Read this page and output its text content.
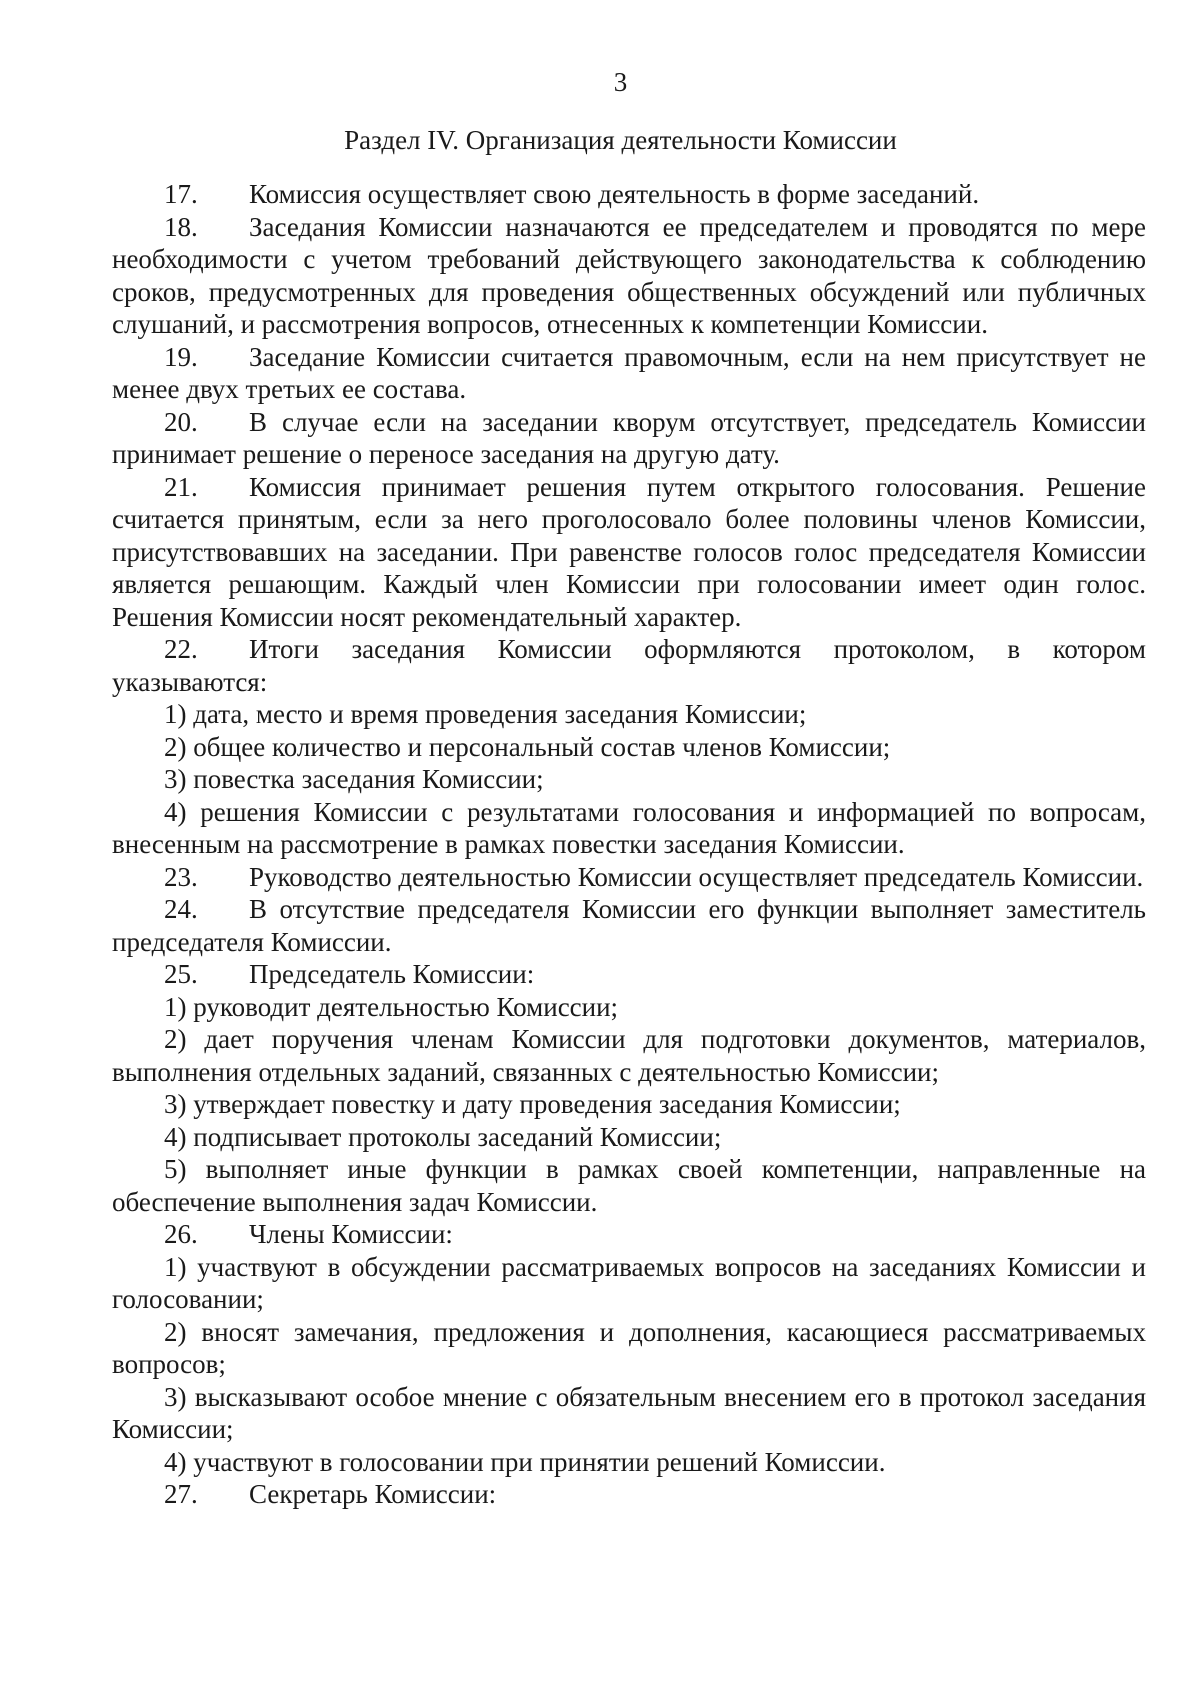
3
Раздел IV. Организация деятельности Комиссии
17. Комиссия осуществляет свою деятельность в форме заседаний.
18. Заседания Комиссии назначаются ее председателем и проводятся по мере необходимости с учетом требований действующего законодательства к соблюдению сроков, предусмотренных для проведения общественных обсуждений или публичных слушаний, и рассмотрения вопросов, отнесенных к компетенции Комиссии.
19. Заседание Комиссии считается правомочным, если на нем присутствует не менее двух третьих ее состава.
20. В случае если на заседании кворум отсутствует, председатель Комиссии принимает решение о переносе заседания на другую дату.
21. Комиссия принимает решения путем открытого голосования. Решение считается принятым, если за него проголосовало более половины членов Комиссии, присутствовавших на заседании. При равенстве голосов голос председателя Комиссии является решающим. Каждый член Комиссии при голосовании имеет один голос. Решения Комиссии носят рекомендательный характер.
22. Итоги заседания Комиссии оформляются протоколом, в котором указываются:
1) дата, место и время проведения заседания Комиссии;
2) общее количество и персональный состав членов Комиссии;
3) повестка заседания Комиссии;
4) решения Комиссии с результатами голосования и информацией по вопросам, внесенным на рассмотрение в рамках повестки заседания Комиссии.
23. Руководство деятельностью Комиссии осуществляет председатель Комиссии.
24. В отсутствие председателя Комиссии его функции выполняет заместитель председателя Комиссии.
25. Председатель Комиссии:
1) руководит деятельностью Комиссии;
2) дает поручения членам Комиссии для подготовки документов, материалов, выполнения отдельных заданий, связанных с деятельностью Комиссии;
3) утверждает повестку и дату проведения заседания Комиссии;
4) подписывает протоколы заседаний Комиссии;
5) выполняет иные функции в рамках своей компетенции, направленные на обеспечение выполнения задач Комиссии.
26. Члены Комиссии:
1) участвуют в обсуждении рассматриваемых вопросов на заседаниях Комиссии и голосовании;
2) вносят замечания, предложения и дополнения, касающиеся рассматриваемых вопросов;
3) высказывают особое мнение с обязательным внесением его в протокол заседания Комиссии;
4) участвуют в голосовании при принятии решений Комиссии.
27. Секретарь Комиссии:
